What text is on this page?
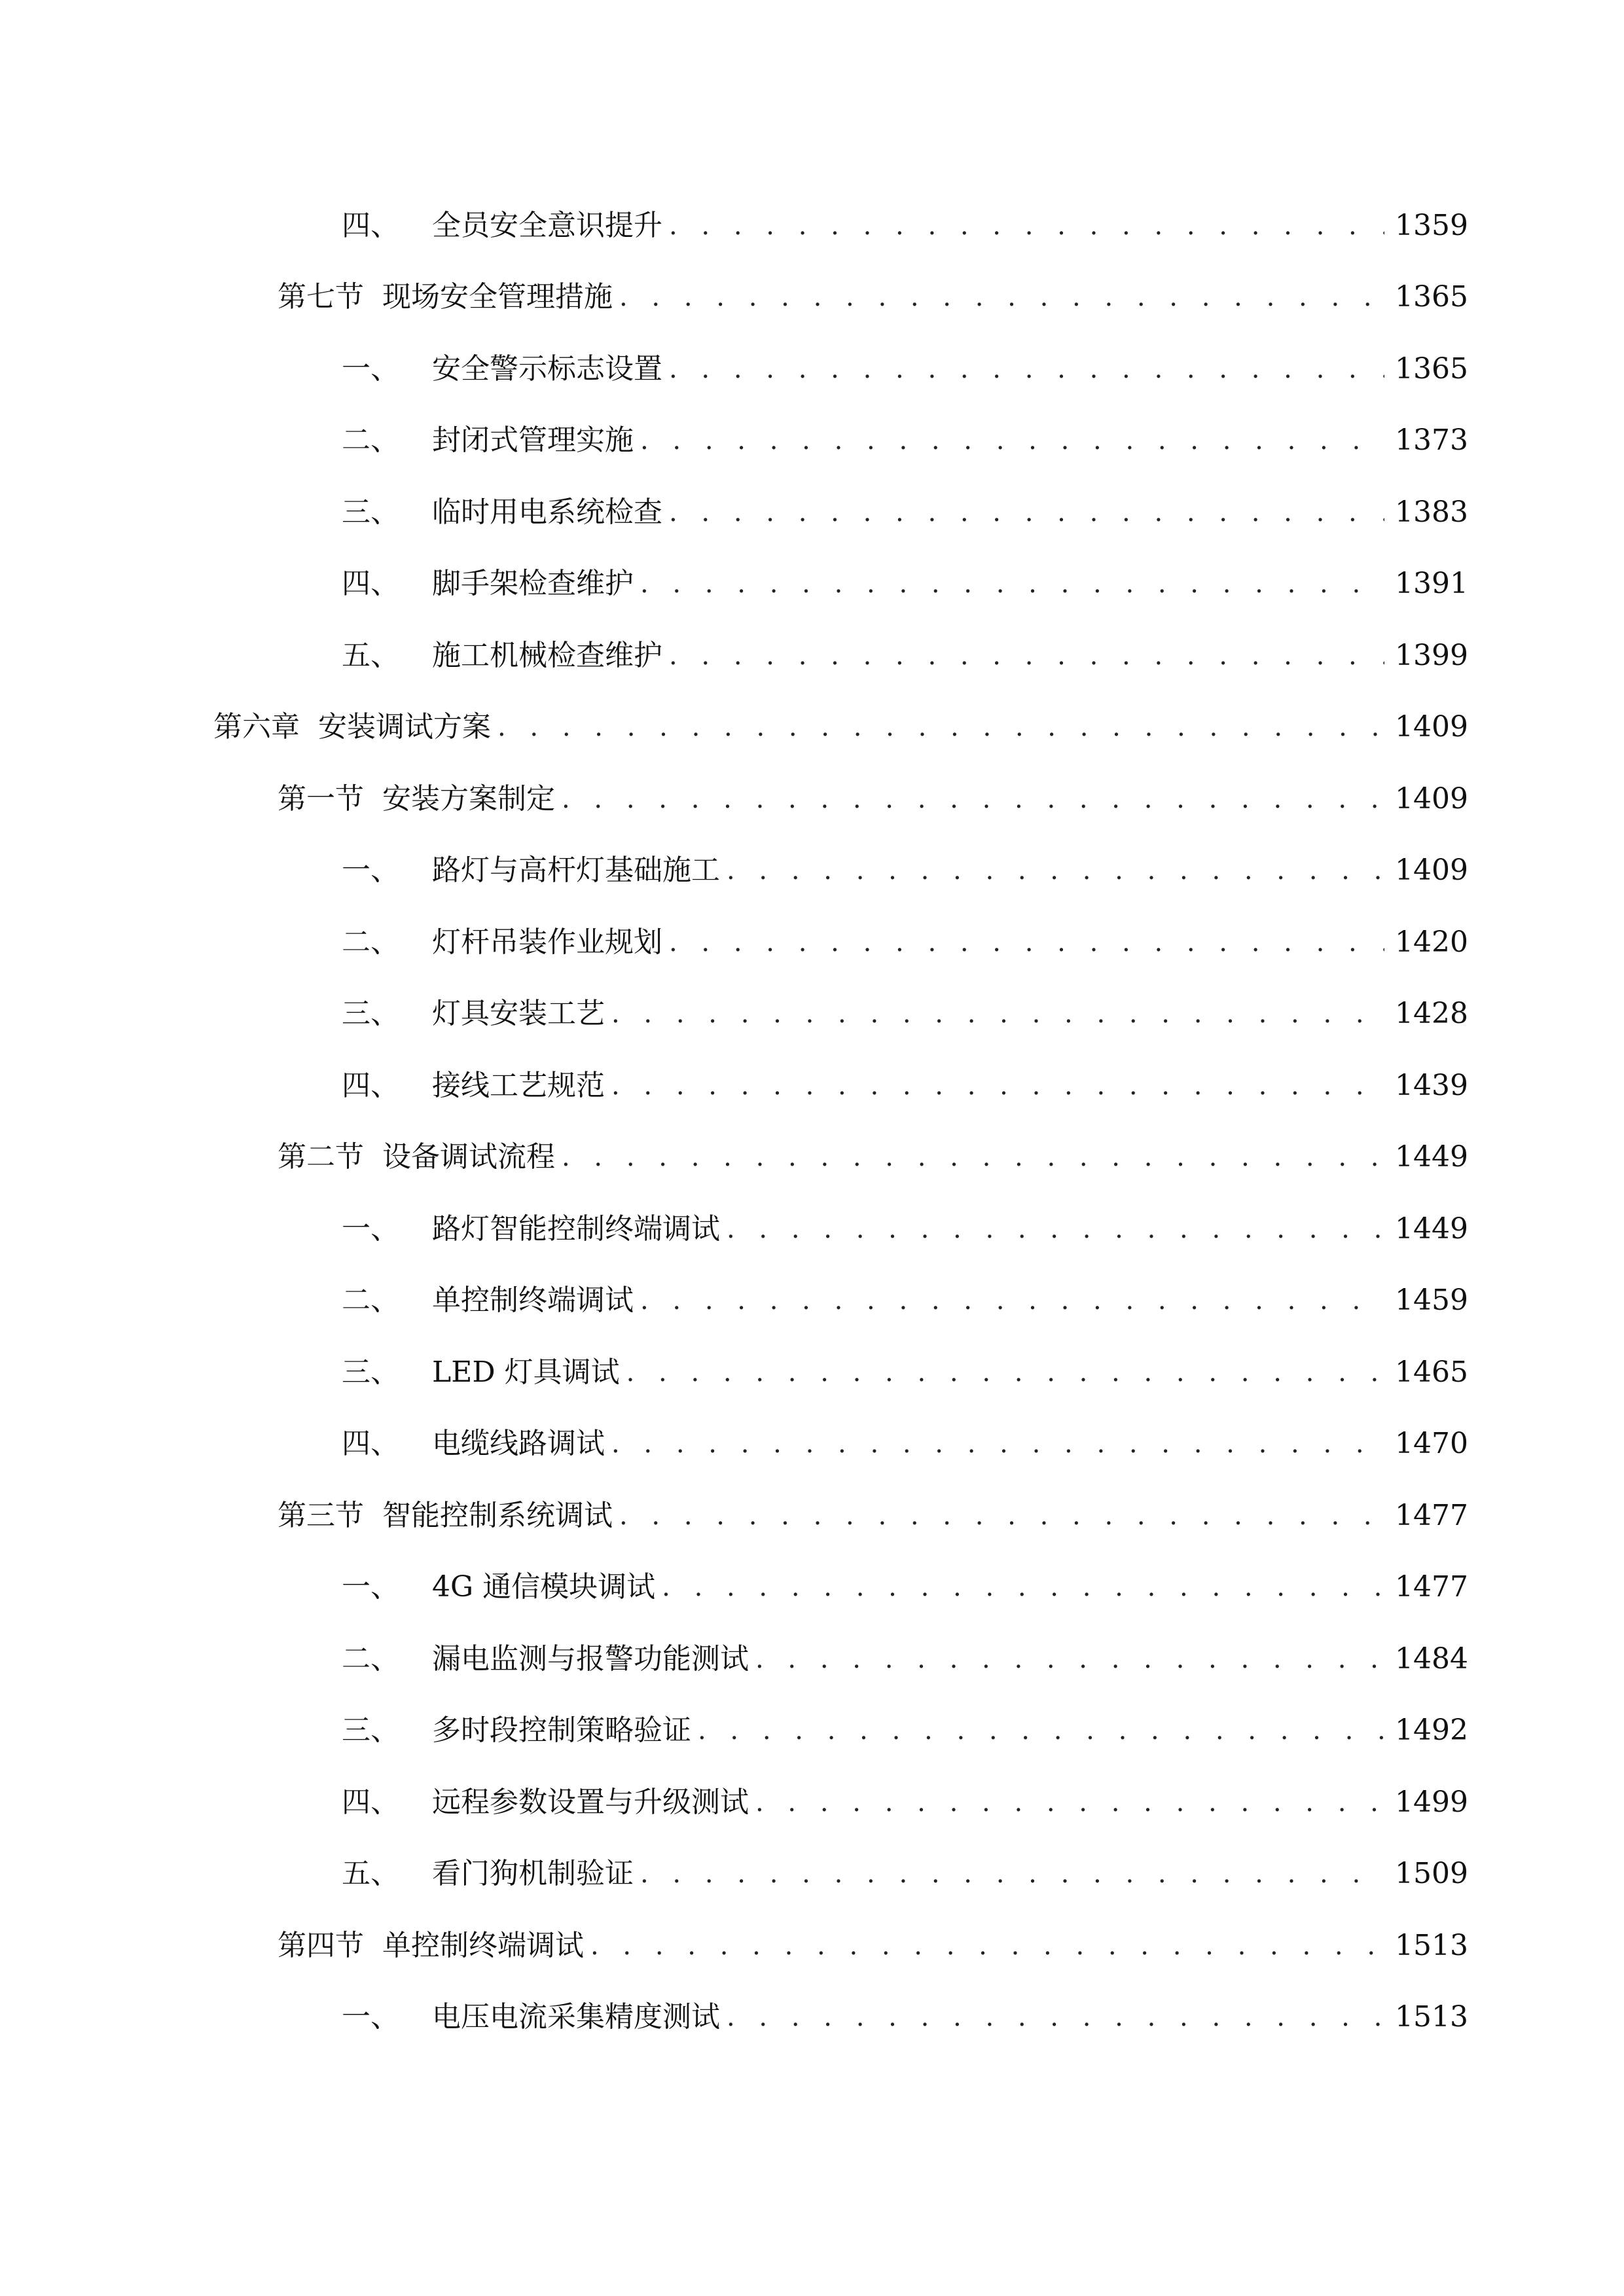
四、 全员安全意识提升 . . .	1359
第七节 现场安全管理措施 . . .	1365
一、 安全警示标志设置 . . .	1365
二、 封闭式管理实施 . . .	1373
三、 临时用电系统检查 . . .	1383
四、 脚手架检查维护 . . .	1391
五、 施工机械检查维护 . . .	1399
第六章 安装调试方案 . . .	1409
第一节 安装方案制定 . . .	1409
一、 路灯与高杆灯基础施工 . . .	1409
二、 灯杆吊装作业规划 . . .	1420
三、 灯具安装工艺 . . .	1428
四、 接线工艺规范 . . .	1439
第二节 设备调试流程 . . .	1449
一、 路灯智能控制终端调试 . . .	1449
二、 单控制终端调试 . . .	1459
三、 LED 灯具调试 . . .	1465
四、 电缆线路调试 . . .	1470
第三节 智能控制系统调试 . . .	1477
一、 4G 通信模块调试 . . .	1477
二、 漏电监测与报警功能测试 . . .	1484
三、 多时段控制策略验证 . . .	1492
四、 远程参数设置与升级测试 . . .	1499
五、 看门狗机制验证 . . .	1509
第四节 单控制终端调试 . . .	1513
一、 电压电流采集精度测试 . . .	1513
